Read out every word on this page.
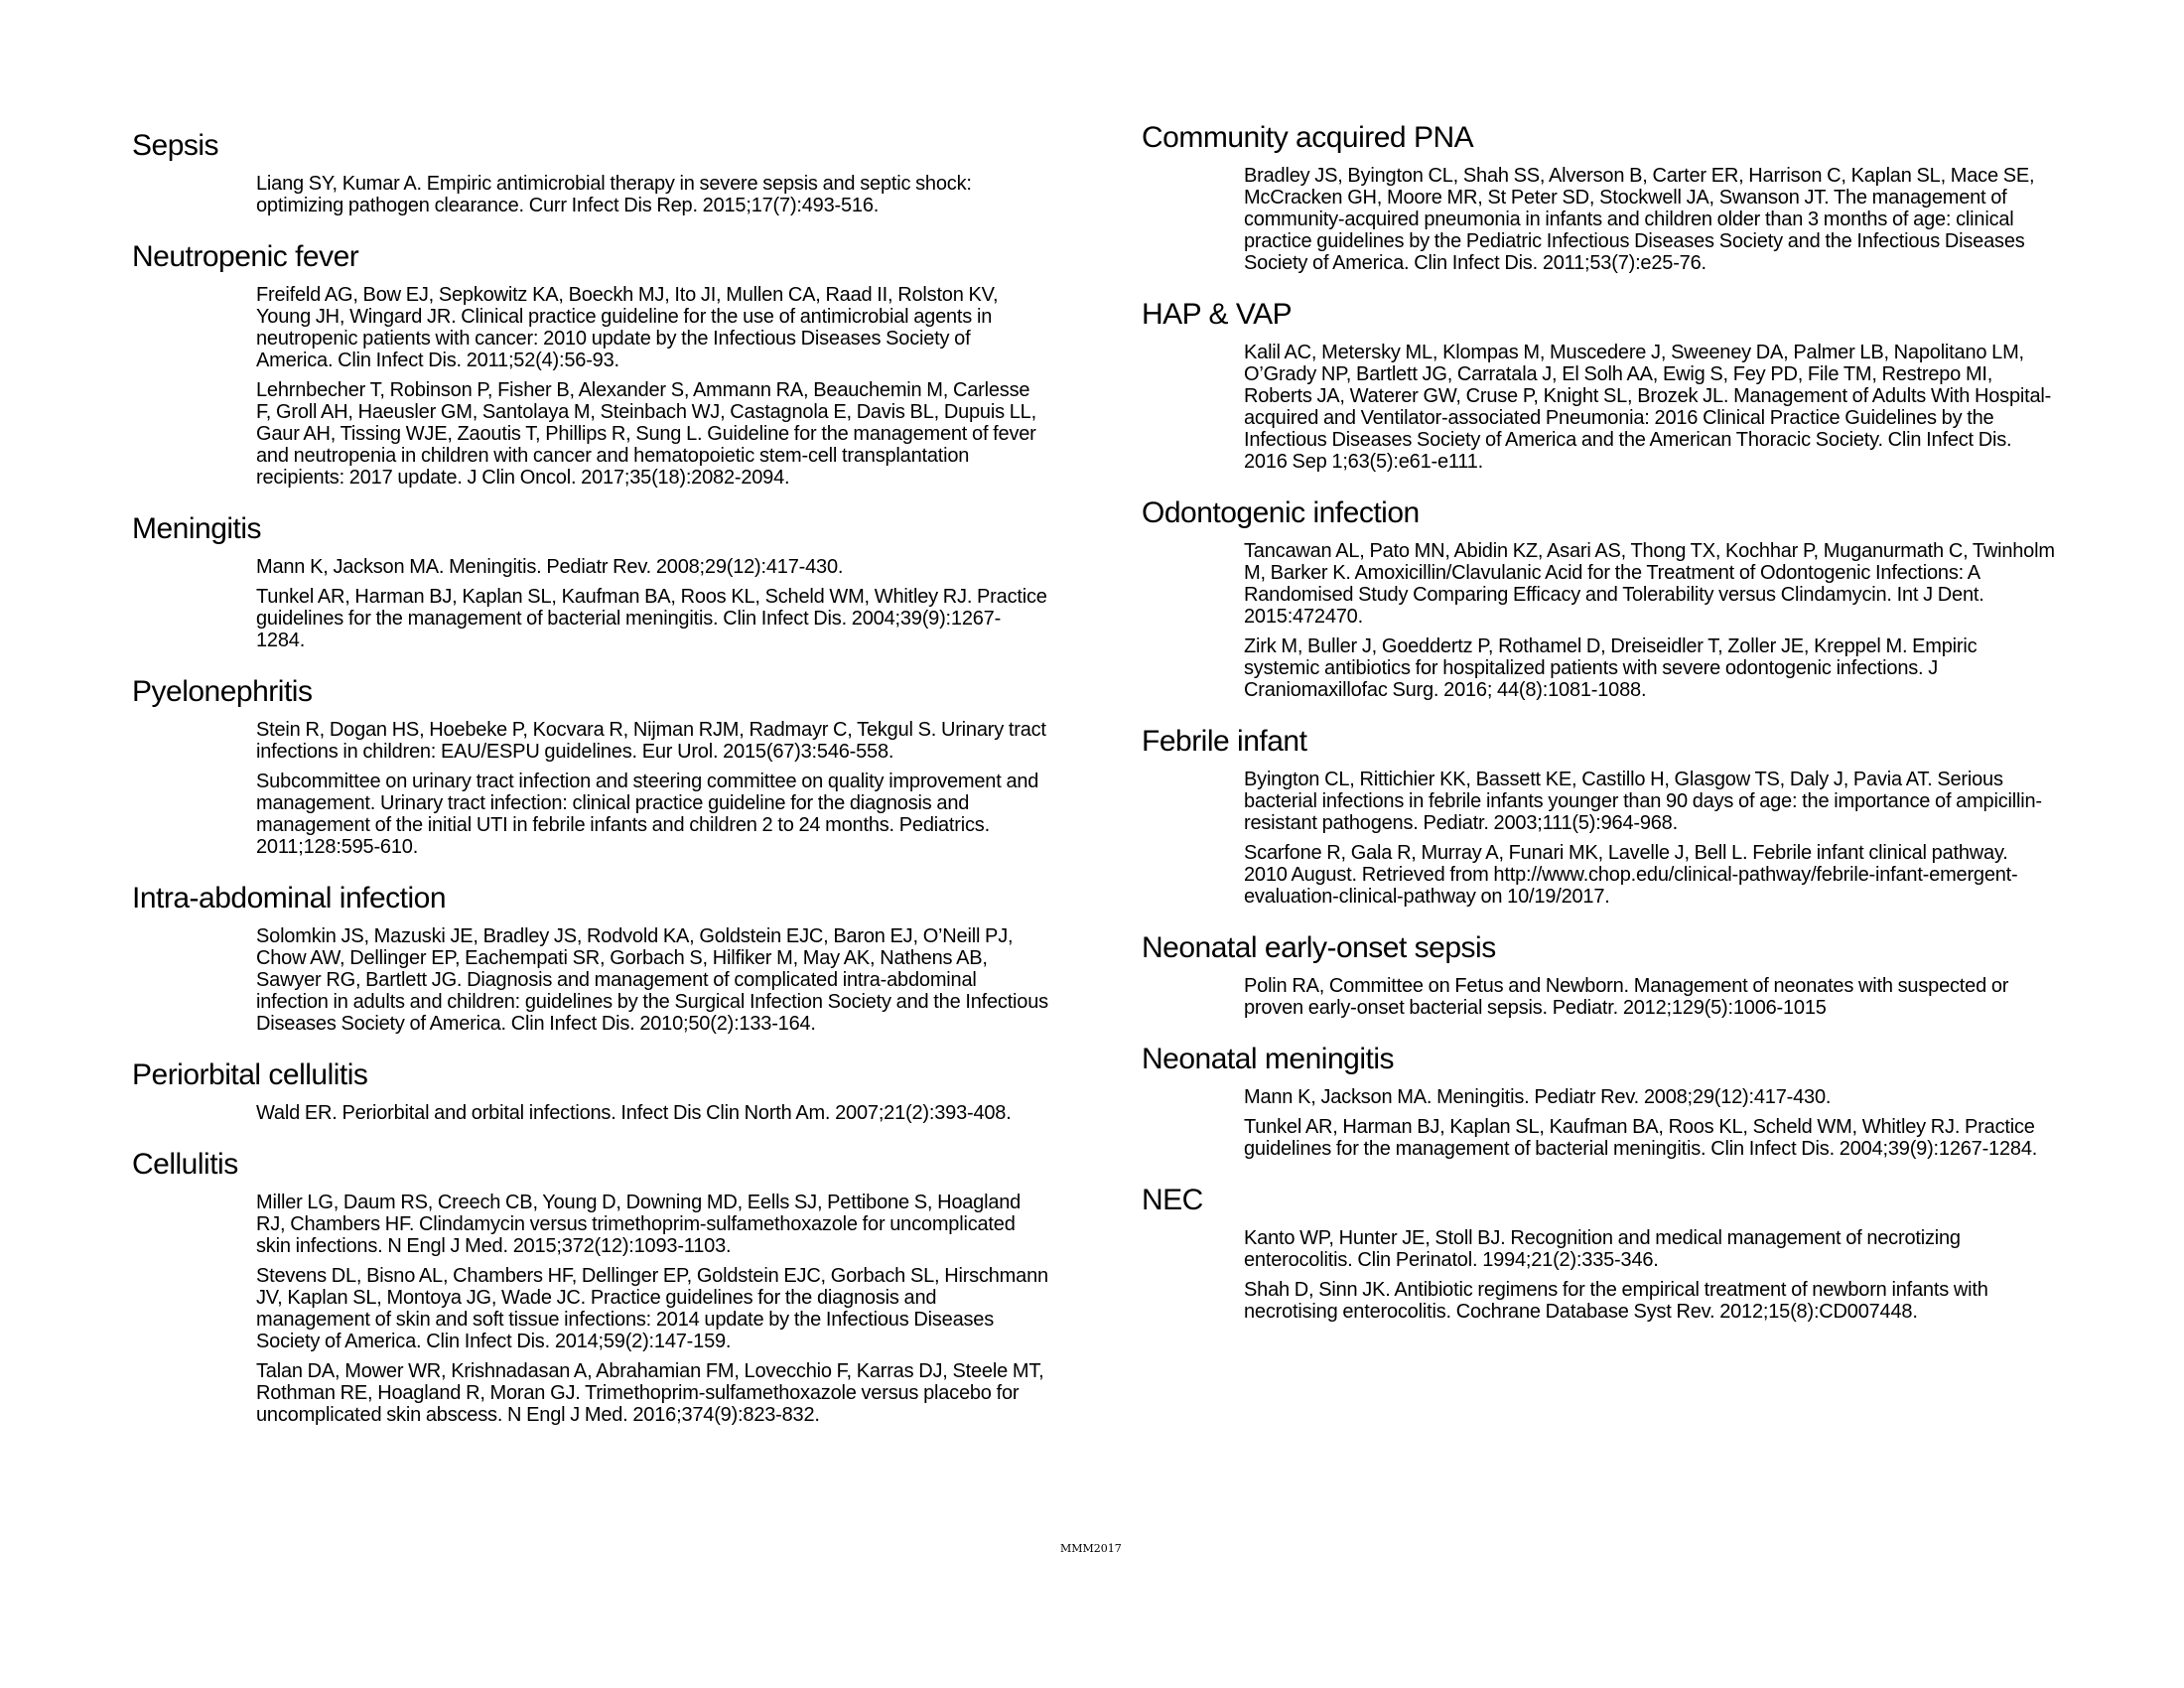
Sepsis

Liang SY, Kumar A. Empiric antimicrobial therapy in severe sepsis and septic shock: optimizing pathogen clearance. Curr Infect Dis Rep. 2015;17(7):493-516.

Neutropenic fever

Freifeld AG, Bow EJ, Sepkowitz KA, Boeckh MJ, Ito JI, Mullen CA, Raad II, Rolston KV, Young JH, Wingard JR. Clinical practice guideline for the use of antimicrobial agents in neutropenic patients with cancer: 2010 update by the Infectious Diseases Society of America. Clin Infect Dis. 2011;52(4):56-93.

Lehrnbecher T, Robinson P, Fisher B, Alexander S, Ammann RA, Beauchemin M, Carlesse F, Groll AH, Haeusler GM, Santolaya M, Steinbach WJ, Castagnola E, Davis BL, Dupuis LL, Gaur AH, Tissing WJE, Zaoutis T, Phillips R, Sung L. Guideline for the management of fever and neutropenia in children with cancer and hematopoietic stem-cell transplantation recipients: 2017 update. J Clin Oncol. 2017;35(18):2082-2094.

Meningitis

Mann K, Jackson MA. Meningitis. Pediatr Rev. 2008;29(12):417-430.

Tunkel AR, Harman BJ, Kaplan SL, Kaufman BA, Roos KL, Scheld WM, Whitley RJ. Practice guidelines for the management of bacterial meningitis. Clin Infect Dis. 2004;39(9):1267-1284.

Pyelonephritis

Stein R, Dogan HS, Hoebeke P, Kocvara R, Nijman RJM, Radmayr C, Tekgul S. Urinary tract infections in children: EAU/ESPU guidelines. Eur Urol. 2015(67)3:546-558.

Subcommittee on urinary tract infection and steering committee on quality improvement and management. Urinary tract infection: clinical practice guideline for the diagnosis and management of the initial UTI in febrile infants and children 2 to 24 months. Pediatrics. 2011;128:595-610.

Intra-abdominal infection

Solomkin JS, Mazuski JE, Bradley JS, Rodvold KA, Goldstein EJC, Baron EJ, O’Neill PJ, Chow AW, Dellinger EP, Eachempati SR, Gorbach S, Hilfiker M, May AK, Nathens AB, Sawyer RG, Bartlett JG. Diagnosis and management of complicated intra-abdominal infection in adults and children: guidelines by the Surgical Infection Society and the Infectious Diseases Society of America. Clin Infect Dis. 2010;50(2):133-164.

Periorbital cellulitis

Wald ER. Periorbital and orbital infections. Infect Dis Clin North Am. 2007;21(2):393-408.

Cellulitis

Miller LG, Daum RS, Creech CB, Young D, Downing MD, Eells SJ, Pettibone S, Hoagland RJ, Chambers HF. Clindamycin versus trimethoprim-sulfamethoxazole for uncomplicated skin infections. N Engl J Med. 2015;372(12):1093-1103.

Stevens DL, Bisno AL, Chambers HF, Dellinger EP, Goldstein EJC, Gorbach SL, Hirschmann JV, Kaplan SL, Montoya JG, Wade JC. Practice guidelines for the diagnosis and management of skin and soft tissue infections: 2014 update by the Infectious Diseases Society of America. Clin Infect Dis. 2014;59(2):147-159.

Talan DA, Mower WR, Krishnadasan A, Abrahamian FM, Lovecchio F, Karras DJ, Steele MT, Rothman RE, Hoagland R, Moran GJ. Trimethoprim-sulfamethoxazole versus placebo for uncomplicated skin abscess. N Engl J Med. 2016;374(9):823-832.

Community acquired PNA

Bradley JS, Byington CL, Shah SS, Alverson B, Carter ER, Harrison C, Kaplan SL, Mace SE, McCracken GH, Moore MR, St Peter SD, Stockwell JA, Swanson JT. The management of community-acquired pneumonia in infants and children older than 3 months of age: clinical practice guidelines by the Pediatric Infectious Diseases Society and the Infectious Diseases Society of America. Clin Infect Dis. 2011;53(7):e25-76.

HAP & VAP

Kalil AC, Metersky ML, Klompas M, Muscedere J, Sweeney DA, Palmer LB, Napolitano LM, O’Grady NP, Bartlett JG, Carratala J, El Solh AA, Ewig S, Fey PD, File TM, Restrepo MI, Roberts JA, Waterer GW, Cruse P, Knight SL, Brozek JL. Management of Adults With Hospital-acquired and Ventilator-associated Pneumonia: 2016 Clinical Practice Guidelines by the Infectious Diseases Society of America and the American Thoracic Society. Clin Infect Dis. 2016 Sep 1;63(5):e61-e111.

Odontogenic infection

Tancawan AL, Pato MN, Abidin KZ, Asari AS, Thong TX, Kochhar P, Muganurmath C, Twinholm M, Barker K. Amoxicillin/Clavulanic Acid for the Treatment of Odontogenic Infections: A Randomised Study Comparing Efficacy and Tolerability versus Clindamycin. Int J Dent. 2015:472470.

Zirk M, Buller J, Goeddertz P, Rothamel D, Dreiseidler T, Zoller JE, Kreppel M. Empiric systemic antibiotics for hospitalized patients with severe odontogenic infections. J Craniomaxillofac Surg. 2016; 44(8):1081-1088.

Febrile infant

Byington CL, Rittichier KK, Bassett KE, Castillo H, Glasgow TS, Daly J, Pavia AT. Serious bacterial infections in febrile infants younger than 90 days of age: the importance of ampicillin-resistant pathogens. Pediatr. 2003;111(5):964-968.

Scarfone R, Gala R, Murray A, Funari MK, Lavelle J, Bell L. Febrile infant clinical pathway. 2010 August. Retrieved from http://www.chop.edu/clinical-pathway/febrile-infant-emergent-evaluation-clinical-pathway on 10/19/2017.

Neonatal early-onset sepsis

Polin RA, Committee on Fetus and Newborn. Management of neonates with suspected or proven early-onset bacterial sepsis. Pediatr. 2012;129(5):1006-1015

Neonatal meningitis

Mann K, Jackson MA. Meningitis. Pediatr Rev. 2008;29(12):417-430.

Tunkel AR, Harman BJ, Kaplan SL, Kaufman BA, Roos KL, Scheld WM, Whitley RJ. Practice guidelines for the management of bacterial meningitis. Clin Infect Dis. 2004;39(9):1267-1284.

NEC

Kanto WP, Hunter JE, Stoll BJ. Recognition and medical management of necrotizing enterocolitis. Clin Perinatol. 1994;21(2):335-346.

Shah D, Sinn JK. Antibiotic regimens for the empirical treatment of newborn infants with necrotising enterocolitis. Cochrane Database Syst Rev. 2012;15(8):CD007448.

MMM2017
